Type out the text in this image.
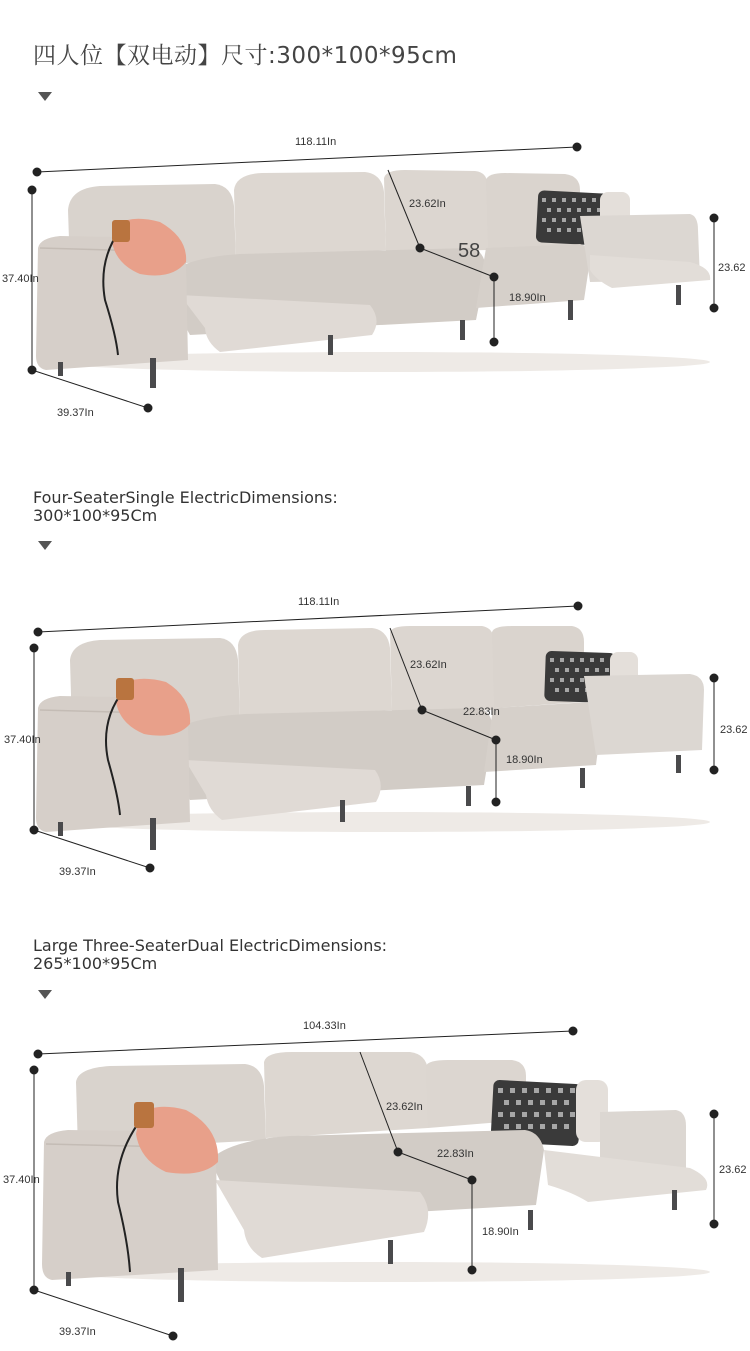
四人位【双电动】尺寸:300*100*95cm
118.11In
37.40In
39.37In
23.62In
58
18.90In
23.62
Four-SeaterSingle ElectricDimensions:
300*100*95Cm
118.11In
37.40In
39.37In
23.62In
22.83In
18.90In
23.62
Large Three-SeaterDual ElectricDimensions:
265*100*95Cm
104.33In
37.40In
39.37In
23.62In
22.83In
18.90In
23.62
